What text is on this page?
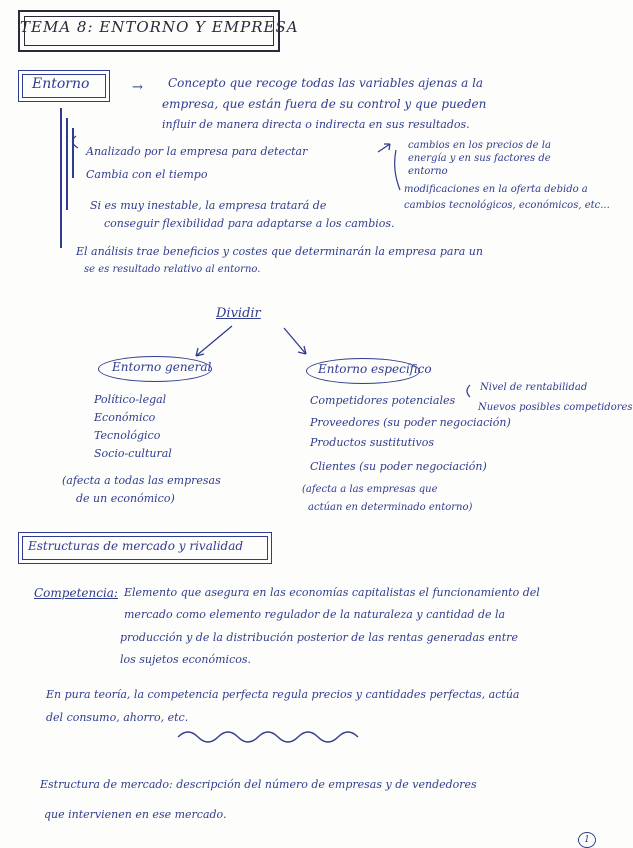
TEMA 8: ENTORNO Y EMPRESA
Entorno	→ Concepto que recoge todas las variables ajenas a la
empresa, que están fuera de su control y que pueden
influir de manera directa o indirecta en sus resultados.
Analizado por la empresa para detectar
Cambia con el tiempo
Si es muy inestable, la empresa tratará de
conseguir flexibilidad para adaptarse a los cambios.
El análisis trae beneficios y costes que determinarán la empresa para un
se es resultado relativo al entorno.
cambios en los precios de la
energía y en sus factores de
entorno
modificaciones en la oferta debido a
cambios tecnológicos, económicos, etc...
Dividir
Entorno general
Político-legal
Económico
Tecnológico
Socio-cultural
(afecta a todas las empresas
de un económico)
Entorno específico
Competidores potenciales
Proveedores (su poder negociación)
Productos sustitutivos
Clientes (su poder negociación)
Nivel de rentabilidad
Nuevos posibles competidores
(afecta a las empresas que
actúan en determinado entorno)
Estructuras de mercado y rivalidad
Competencia: Elemento que asegura en las economías capitalistas el funcionamiento del
mercado como elemento regulador de la naturaleza y cantidad de la
producción y de la distribución posterior de las rentas generadas entre
los sujetos económicos.
En pura teoría, la competencia perfecta regula precios y cantidades perfectas, actúa
del consumo, ahorro, etc.
Estructura de mercado: descripción del número de empresas y de vendedores
que intervienen en ese mercado.
1
